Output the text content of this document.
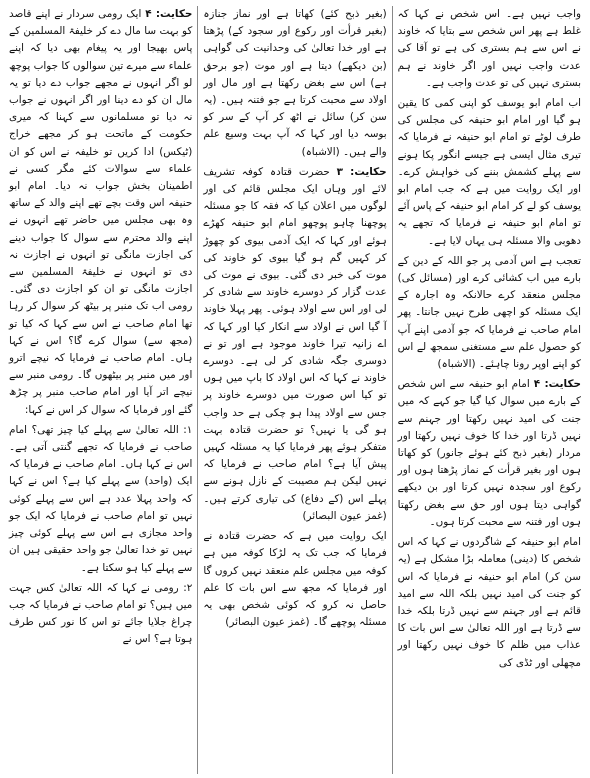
واجب نہیں ہے۔ اس شخص نے کہا کہ غلط ہے پھر اس شخص سے بتایا کہ خاوند نے اس سے ہم بستری کی ہے تو آقا کی عدت واجب نہیں اور اگر خاوند نے ہم بستری نہیں کی تو عدت واجب ہے۔

اب امام ابو یوسف کو اپنی کمی کا یقین ہو گیا اور امام ابو حنیفہ کی مجلس کی طرف لوٹے تو امام ابو حنیفہ نے فرمایا کہ تیری مثال ایسی ہے جیسے انگور پکا ہونے سے پہلے کشمش بننے کی خواہش کرے۔ اور ایک روایت میں ہے کہ جب امام ابو یوسف کو لے کر امام ابو حنیفہ کے پاس آئے تو امام ابو حنیفہ نے فرمایا کہ تجھے یہ دھوبی والا مسئلہ ہی یہاں لایا ہے۔

تعجب ہے اس آدمی پر جو اللہ کے دین کے بارے میں اب کشائی کرے اور (مسائل کی) مجلس منعقد کرے حالانکہ وہ اجارہ کے ایک مسئلہ کو اچھی طرح نہیں جانتا۔ پھر امام صاحب نے فرمایا کہ جو آدمی اپنے آپ کو حصول علم سے مستغنی سمجھ لے اس کو اپنے اوپر رونا چاہئے۔ (الاشباہ)

حکایت: ۴ امام ابو حنیفہ سے اس شخص کے بارے میں سوال کیا گیا جو کہے کہ میں جنت کی امید نہیں رکھتا اور جہنم سے نہیں ڈرتا اور خدا کا خوف نہیں رکھتا اور مردار (بغیر ذبح کئے ہوئے جانور) کو کھاتا ہوں اور بغیر قرأت کے نماز پڑھتا ہوں اور رکوع اور سجدہ نہیں کرتا اور بن دیکھے گواہی دیتا ہوں اور حق سے بغض رکھتا ہوں اور فتنہ سے محبت کرتا ہوں۔

امام ابو حنیفہ کے شاگردوں نے کہا کہ اس شخص کا (دینی) معاملہ بڑا مشکل ہے (یہ سن کر) امام ابو حنیفہ نے فرمایا کہ اس کو جنت کی امید نہیں بلکہ اللہ سے امید قائم ہے اور جہنم سے نہیں ڈرتا بلکہ خدا سے ڈرتا ہے اور اللہ تعالیٰ سے اس بات کا عذاب میں ظلم کا خوف نہیں رکھتا اور مچھلی اور ٹڈی کی

(بغیر ذبح کئے) کھاتا ہے اور نماز جنازہ (بغیر قرأت اور رکوع اور سجود کے) پڑھتا ہے اور خدا تعالیٰ کی وحدانیت کی گواہی (بن دیکھے) دیتا ہے اور موت (جو برحق ہے) اس سے بغض رکھتا ہے اور مال اور اولاد سے محبت کرتا ہے جو فتنہ ہیں۔ (یہ سن کر) سائل نے اٹھ کر آپ کے سر کو بوسہ دیا اور کہا کہ آپ بہت وسیع علم والے ہیں۔ (الاشباہ)

حکایت: ۳ حضرت قتادہ کوفہ تشریف لائے اور وہاں ایک مجلس قائم کی اور لوگوں میں اعلان کیا کہ فقہ کا جو مسئلہ پوچھنا چاہو پوچھو امام ابو حنیفہ کھڑے ہوئے اور کہا کہ ایک آدمی بیوی کو چھوڑ کر کہیں گم ہو گیا بیوی کو خاوند کی موت کی خبر دی گئی۔ بیوی نے موت کی عدت گزار کر دوسرے خاوند سے شادی کر لی اور اس سے اولاد ہوئی۔ پھر پہلا خاوند آ گیا اس نے اولاد سے انکار کیا اور کہا کہ اے زانیہ تیرا خاوند موجود ہے اور تو نے دوسری جگہ شادی کر لی ہے۔ دوسرے خاوند نے کہا کہ اس اولاد کا باپ میں ہوں تو کیا اس صورت میں دوسرے خاوند پر جس سے اولاد پیدا ہو چکی ہے حد واجب ہو گی یا نہیں؟ تو حضرت قتادہ بہت متفکر ہوئے پھر فرمایا کیا یہ مسئلہ کہیں پیش آیا ہے؟ امام صاحب نے فرمایا کہ نہیں لیکن ہم مصیبت کے نازل ہونے سے پہلے اس (کے دفاع) کی تیاری کرتے ہیں۔ (غمز عیون البصائر)

ایک روایت میں ہے کہ حضرت قتادہ نے فرمایا کہ جب تک یہ لڑکا کوفہ میں ہے کوفہ میں مجلس علم منعقد نہیں کروں گا اور فرمایا کہ مجھ سے اس بات کا علم حاصل نہ کرو کہ کوئی شخص بھی یہ مسئلہ پوچھے گا۔ (غمز عیون البصائر)

حکایت: ۴ ایک رومی سردار نے اپنے قاصد کو بہت سا مال دے کر خلیفۃ المسلمین کے پاس بھیجا اور یہ پیغام بھی دیا کہ اپنے علماء سے میرے تین سوالوں کا جواب پوچھ لو اگر انہوں نے مجھے جواب دے دیا تو یہ مال ان کو دے دینا اور اگر انہوں نے جواب نہ دیا تو مسلمانوں سے کہنا کہ میری حکومت کے ماتحت ہو کر مجھے خراج (ٹیکس) ادا کریں تو خلیفہ نے اس کو ان علماء سے سوالات کئے مگر کسی نے اطمینان بخش جواب نہ دیا۔ امام ابو حنیفہ اس وقت بچے تھے اپنے والد کے ساتھ وہ بھی مجلس میں حاضر تھے انہوں نے اپنے والد محترم سے سوال کا جواب دینے کی اجازت مانگی تو انہوں نے اجازت نہ دی تو انہوں نے خلیفۃ المسلمین سے اجازت مانگی تو ان کو اجازت دی گئی۔ رومی اب تک منبر پر بیٹھ کر سوال کر رہا تھا امام صاحب نے اس سے کہا کہ کیا تو (مجھ سے) سوال کرے گا؟ اس نے کہا ہاں۔ امام صاحب نے فرمایا کہ نیچے اترو اور میں منبر پر بیٹھوں گا۔ رومی منبر سے نیچے اتر آیا اور امام صاحب منبر پر چڑھ گئے اور فرمایا کہ سوال کر اس نے کہا:

۱: اللہ تعالیٰ سے پہلے کیا چیز تھی؟ امام صاحب نے فرمایا کہ تجھے گنتی آتی ہے۔ اس نے کہا ہاں۔ امام صاحب نے فرمایا کہ ایک (واحد) سے پہلے کیا ہے؟ اس نے کہا کہ واحد پہلا عدد ہے اس سے پہلے کوئی نہیں تو امام صاحب نے فرمایا کہ ایک جو واحد مجازی ہے اس سے پہلے کوئی چیز نہیں تو خدا تعالیٰ جو واحد حقیقی ہیں ان سے پہلے کیا ہو سکتا ہے۔

۲: رومی نے کہا کہ اللہ تعالیٰ کس جہت میں ہیں؟ تو امام صاحب نے فرمایا کہ جب چراغ جلایا جائے تو اس کا نور کس طرف ہوتا ہے؟ اس نے
